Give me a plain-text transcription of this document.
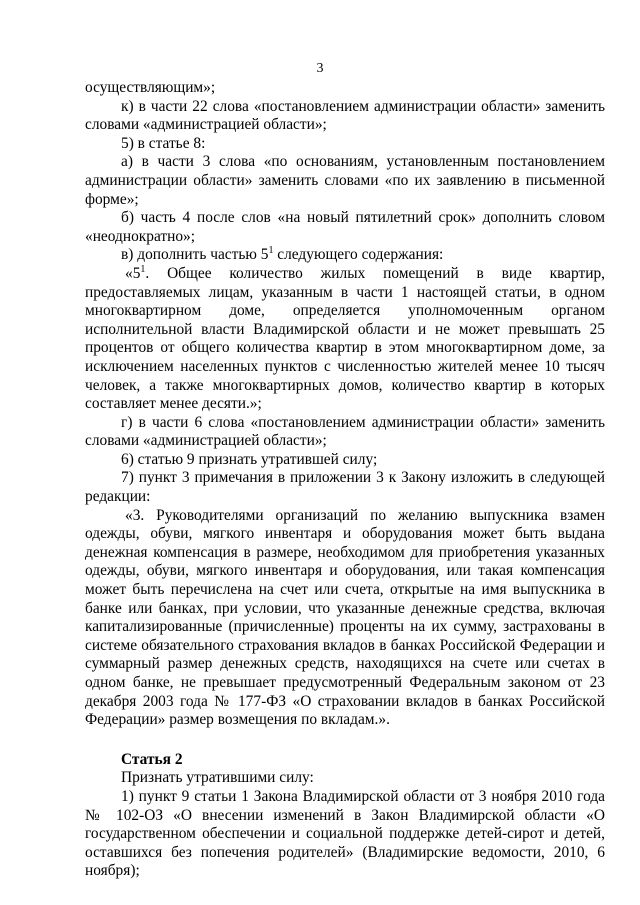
3

осуществляющим»;

к) в части 22 слова «постановлением администрации области» заменить словами «администрацией области»;

5) в статье 8:

а) в части 3 слова «по основаниям, установленным постановлением администрации области» заменить словами «по их заявлению в письменной форме»;

б) часть 4 после слов «на новый пятилетний срок» дополнить словом «неоднократно»;

в) дополнить частью $5^1$ следующего содержания:

«$5^1$. Общее количество жилых помещений в виде квартир, предоставляемых лицам, указанным в части 1 настоящей статьи, в одном многоквартирном доме, определяется уполномоченным органом исполнительной власти Владимирской области и не может превышать 25 процентов от общего количества квартир в этом многоквартирном доме, за исключением населенных пунктов с численностью жителей менее 10 тысяч человек, а также многоквартирных домов, количество квартир в которых составляет менее десяти.»;

г) в части 6 слова «постановлением администрации области» заменить словами «администрацией области»;

6) статью 9 признать утратившей силу;

7) пункт 3 примечания в приложении 3 к Закону изложить в следующей редакции:

«3. Руководителями организаций по желанию выпускника взамен одежды, обуви, мягкого инвентаря и оборудования может быть выдана денежная компенсация в размере, необходимом для приобретения указанных одежды, обуви, мягкого инвентаря и оборудования, или такая компенсация может быть перечислена на счет или счета, открытые на имя выпускника в банке или банках, при условии, что указанные денежные средства, включая капитализированные (причисленные) проценты на их сумму, застрахованы в системе обязательного страхования вкладов в банках Российской Федерации и суммарный размер денежных средств, находящихся на счете или счетах в одном банке, не превышает предусмотренный Федеральным законом от 23 декабря 2003 года № 177-ФЗ «О страховании вкладов в банках Российской Федерации» размер возмещения по вкладам.».

Статья 2

Признать утратившими силу:

1) пункт 9 статьи 1 Закона Владимирской области от 3 ноября 2010 года № 102-ОЗ «О внесении изменений в Закон Владимирской области «О государственном обеспечении и социальной поддержке детей-сирот и детей, оставшихся без попечения родителей» (Владимирские ведомости, 2010, 6 ноября);
